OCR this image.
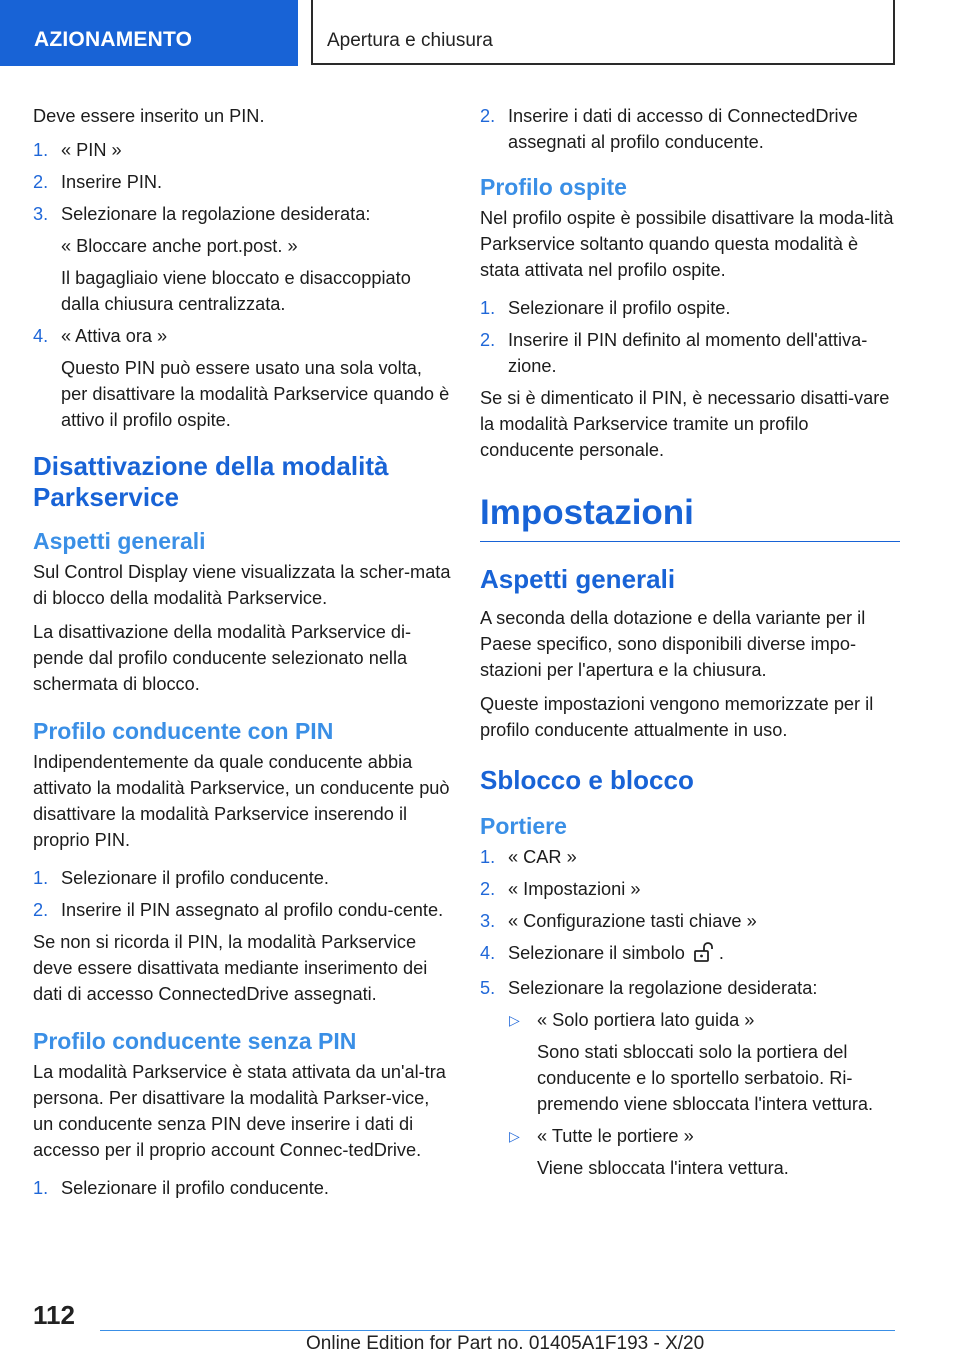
AZIONAMENTO	Apertura e chiusura

Deve essere inserito un PIN.

1. « PIN »
2. Inserire PIN.
3. Selezionare la regolazione desiderata:
« Bloccare anche port.post. »
Il bagagliaio viene bloccato e disaccoppiato dalla chiusura centralizzata.
4. « Attiva ora »
Questo PIN può essere usato una sola volta, per disattivare la modalità Parkservice quando è attivo il profilo ospite.
Disattivazione della modalità Parkservice
Aspetti generali

Sul Control Display viene visualizzata la scher-mata di blocco della modalità Parkservice.

La disattivazione della modalità Parkservice di-pende dal profilo conducente selezionato nella schermata di blocco.

Profilo conducente con PIN

Indipendentemente da quale conducente abbia attivato la modalità Parkservice, un conducente può disattivare la modalità Parkservice inserendo il proprio PIN.

1. Selezionare il profilo conducente.
2. Inserire il PIN assegnato al profilo condu-cente.

Se non si ricorda il PIN, la modalità Parkservice deve essere disattivata mediante inserimento dei dati di accesso ConnectedDrive assegnati.

Profilo conducente senza PIN

La modalità Parkservice è stata attivata da un'al-tra persona. Per disattivare la modalità Parkser-vice, un conducente senza PIN deve inserire i dati di accesso per il proprio account Connec-tedDrive.

1. Selezionare il profilo conducente.
2. Inserire i dati di accesso di ConnectedDrive assegnati al profilo conducente.
Profilo ospite

Nel profilo ospite è possibile disattivare la moda-lità Parkservice soltanto quando questa modalità è stata attivata nel profilo ospite.

1. Selezionare il profilo ospite.
2. Inserire il PIN definito al momento dell'attiva-zione.

Se si è dimenticato il PIN, è necessario disatti-vare la modalità Parkservice tramite un profilo conducente personale.

Impostazioni
Aspetti generali

A seconda della dotazione e della variante per il Paese specifico, sono disponibili diverse impo-stazioni per l'apertura e la chiusura.

Queste impostazioni vengono memorizzate per il profilo conducente attualmente in uso.

Sblocco e blocco
Portiere
1. « CAR »
2. « Impostazioni »
3. « Configurazione tasti chiave »
4. Selezionare il simbolo .
5. Selezionare la regolazione desiderata:
▷ « Solo portiera lato guida »
Sono stati sbloccati solo la portiera del conducente e lo sportello serbatoio. Ri-premendo viene sbloccata l'intera vettura.
▷ « Tutte le portiere »
Viene sbloccata l'intera vettura.
112
Online Edition for Part no. 01405A1F193 - X/20
